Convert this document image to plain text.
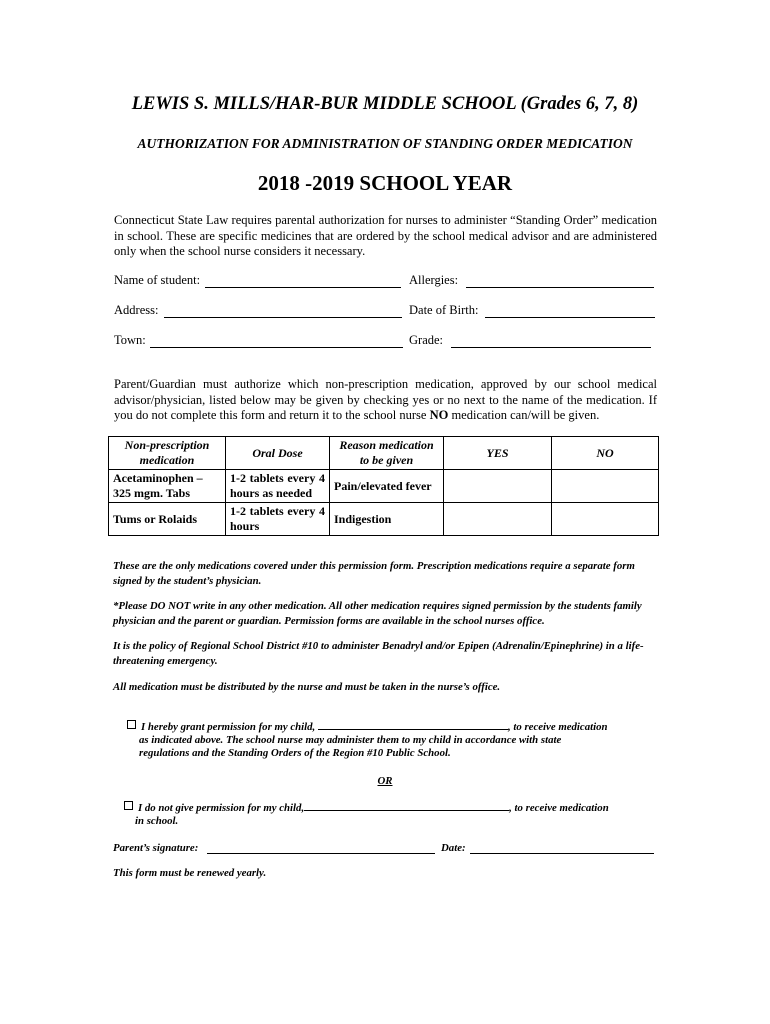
LEWIS S. MILLS/HAR-BUR MIDDLE SCHOOL (Grades 6, 7, 8)
AUTHORIZATION FOR ADMINISTRATION OF STANDING ORDER MEDICATION
2018 -2019 SCHOOL YEAR
Connecticut State Law requires parental authorization for nurses to administer “Standing Order” medication in school. These are specific medicines that are ordered by the school medical advisor and are administered only when the school nurse considers it necessary.
Name of student:	Allergies:
Address:	Date of Birth:
Town:	Grade:
Parent/Guardian must authorize which non-prescription medication, approved by our school medical advisor/physician, listed below may be given by checking yes or no next to the name of the medication. If you do not complete this form and return it to the school nurse NO medication can/will be given.
Non-prescription medication	Oral Dose	Reason medication to be given	YES	NO
Acetaminophen – 325 mgm. Tabs	1-2 tablets every 4 hours as needed	Pain/elevated fever		
Tums or Rolaids	1-2 tablets every 4 hours	Indigestion		
These are the only medications covered under this permission form. Prescription medications require a separate form signed by the student’s physician.
*Please DO NOT write in any other medication. All other medication requires signed permission by the students family physician and the parent or guardian. Permission forms are available in the school nurses office.
It is the policy of Regional School District #10 to administer Benadryl and/or Epipen (Adrenalin/Epinephrine) in a life-threatening emergency.
All medication must be distributed by the nurse and must be taken in the nurse’s office.
I hereby grant permission for my child,	, to receive medication
as indicated above. The school nurse may administer them to my child in accordance with state
regulations and the Standing Orders of the Region #10 Public School.
OR
I do not give permission for my child,	, to receive medication
in school.
Parent’s signature:	Date:
This form must be renewed yearly.
